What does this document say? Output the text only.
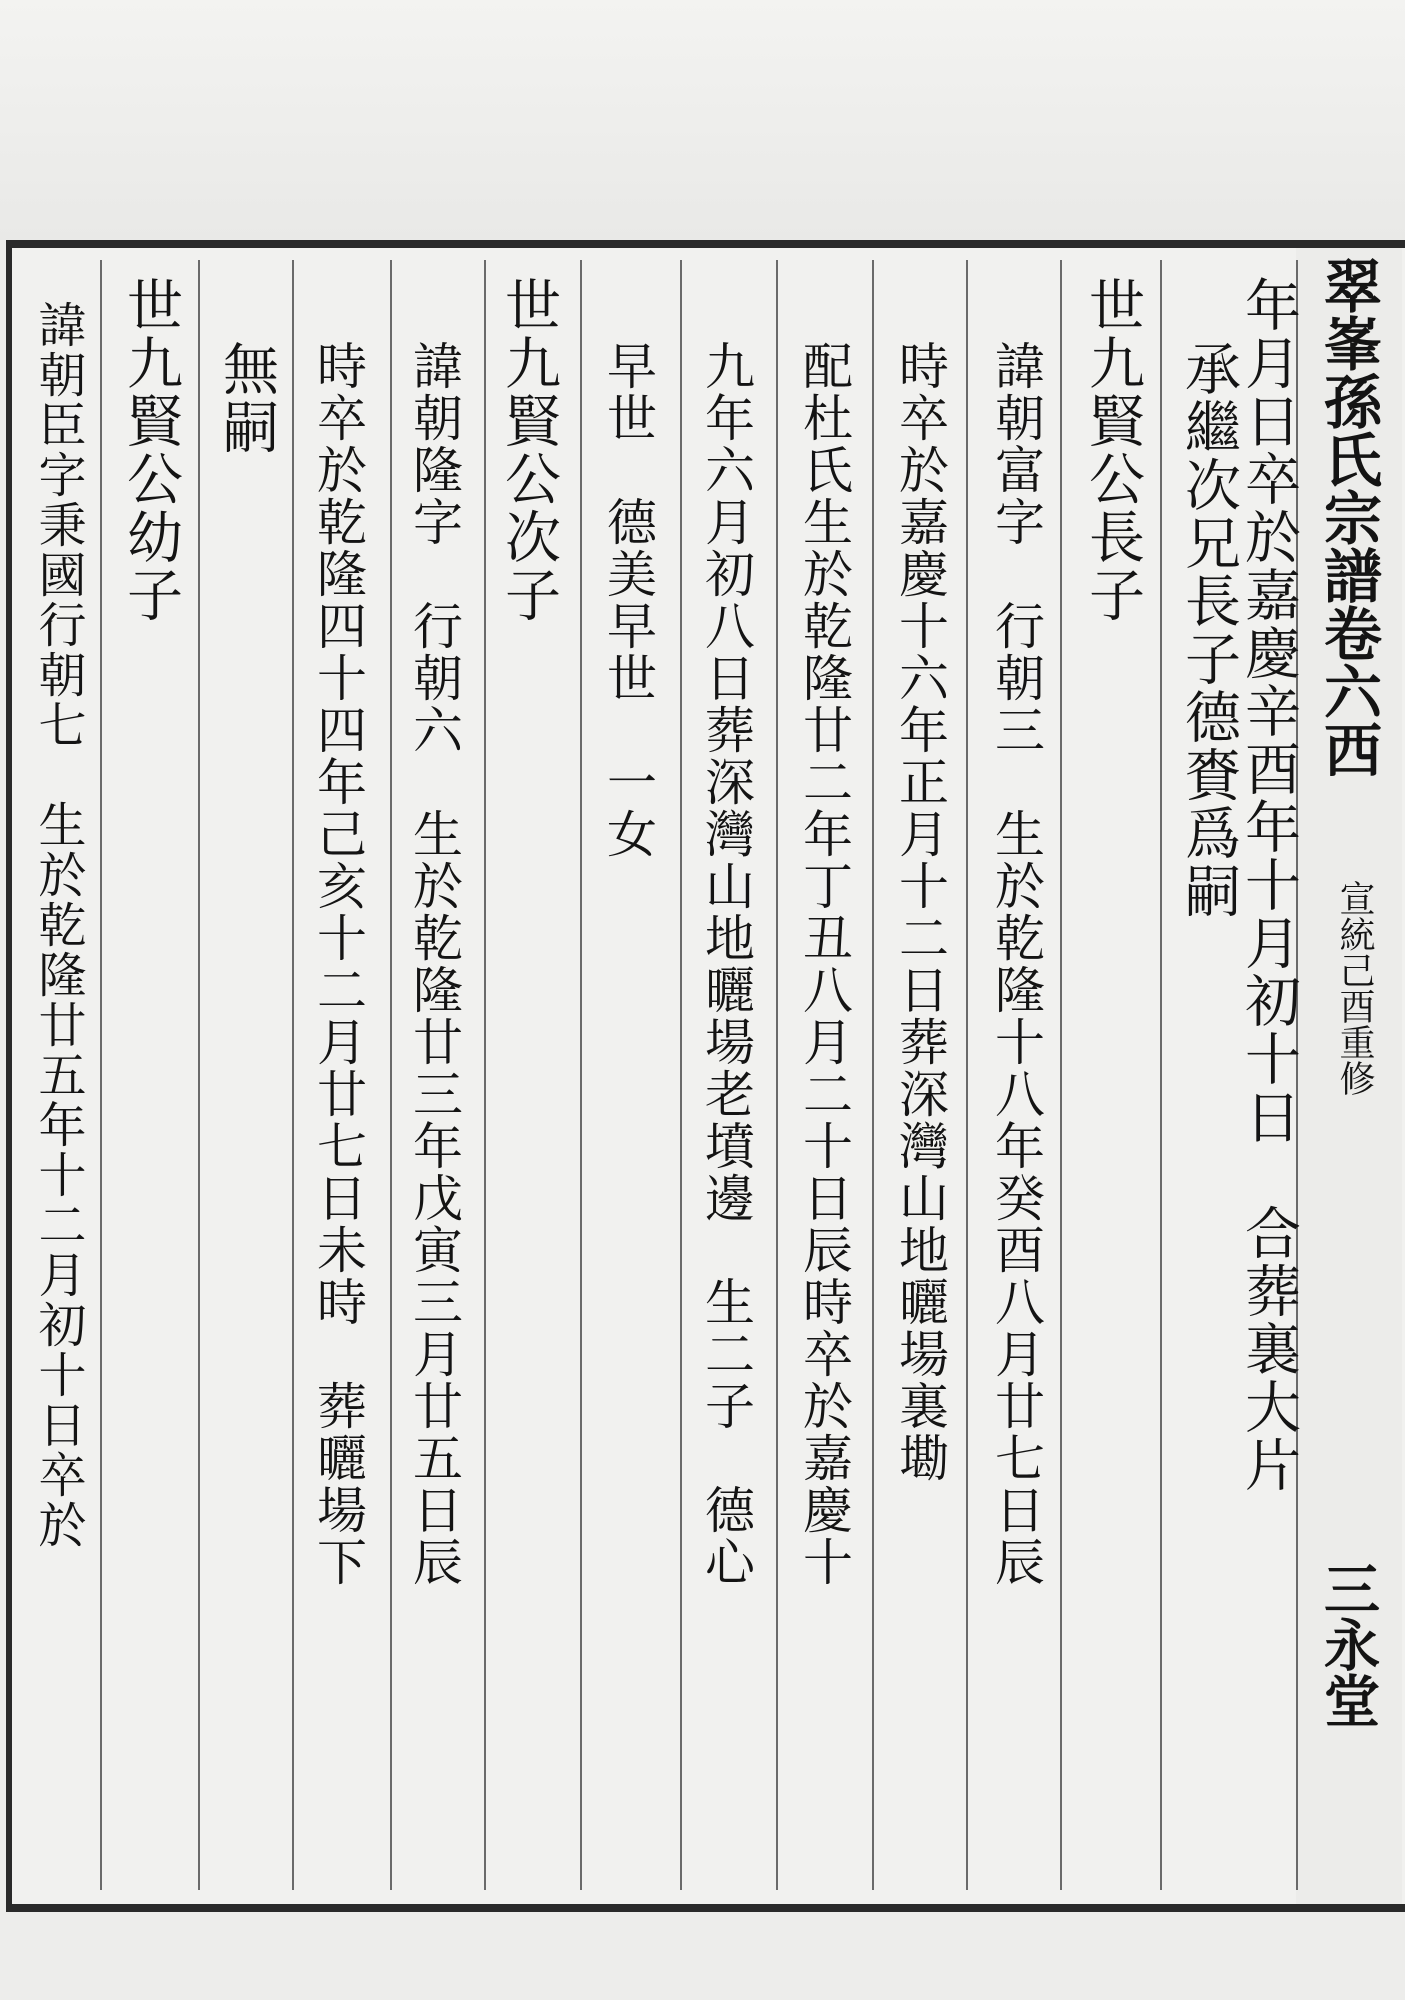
翠峯孫氏宗譜卷六西
宣統己酉重修
三永堂
年月日卒於嘉慶辛酉年十月初十日　合葬裏大片
承繼次兄長子德賚爲嗣
世九賢公長子
諱朝富字　行朝三　生於乾隆十八年癸酉八月廿七日辰
時卒於嘉慶十六年正月十二日葬深灣山地曬場裏墈
配杜氏生於乾隆廿二年丁丑八月二十日辰時卒於嘉慶十
九年六月初八日葬深灣山地曬場老墳邊　生二子　德心
早世　德美早世　一女
世九賢公次子
諱朝隆字　行朝六　生於乾隆廿三年戊寅三月廿五日辰
時卒於乾隆四十四年己亥十二月廿七日未時　葬曬場下
無嗣
世九賢公幼子
諱朝臣字秉國行朝七　生於乾隆廿五年十二月初十日卒於
